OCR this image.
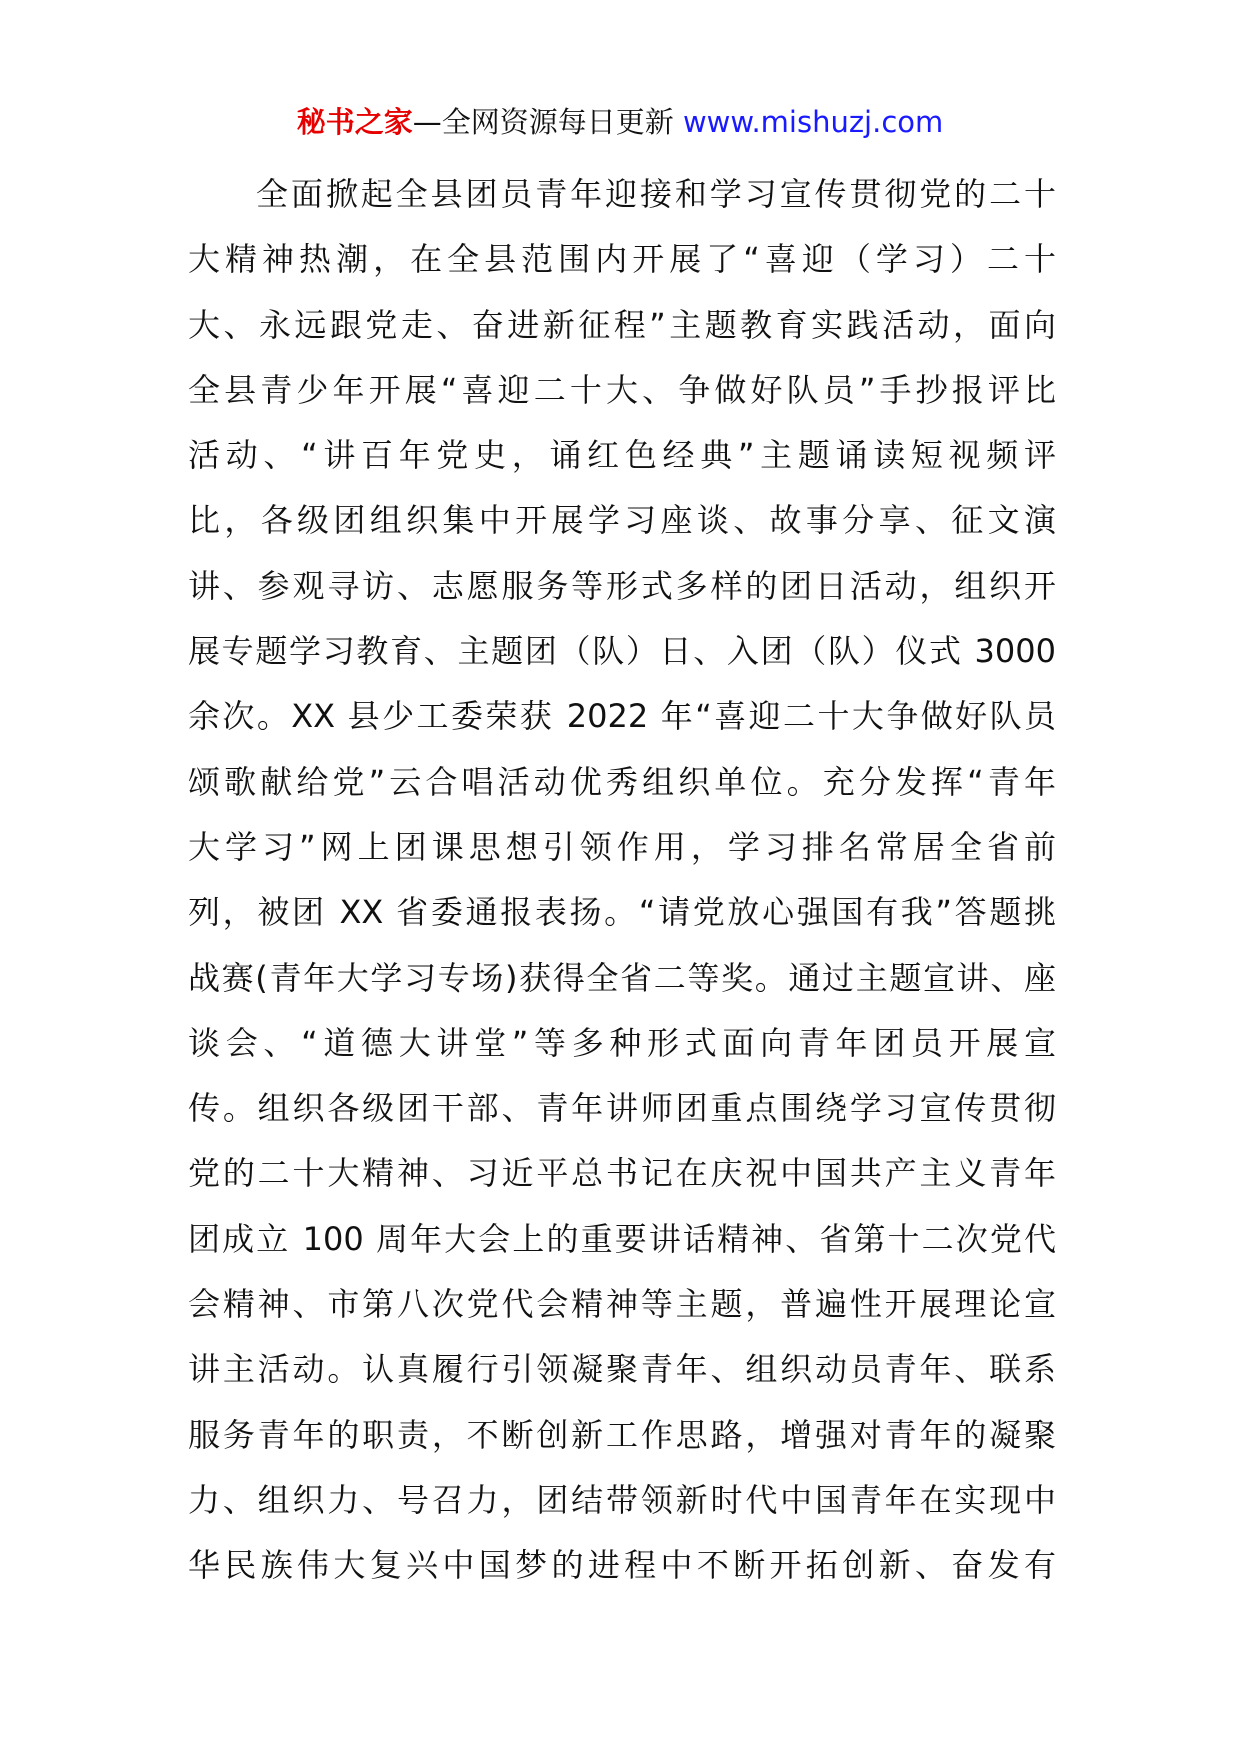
秘书之家—全网资源每日更新 www.mishuzj.com
全面掀起全县团员青年迎接和学习宣传贯彻党的二十
大精神热潮，在全县范围内开展了“喜迎（学习）二十
大、永远跟党走、奋进新征程”主题教育实践活动，面向
全县青少年开展“喜迎二十大、争做好队员”手抄报评比
活动、“讲百年党史，诵红色经典”主题诵读短视频评
比，各级团组织集中开展学习座谈、故事分享、征文演
讲、参观寻访、志愿服务等形式多样的团日活动，组织开
展专题学习教育、主题团（队）日、入团（队）仪式 3000
余次。XX 县少工委荣获 2022 年“喜迎二十大争做好队员
颂歌献给党”云合唱活动优秀组织单位。充分发挥“青年
大学习”网上团课思想引领作用，学习排名常居全省前
列，被团 XX 省委通报表扬。“请党放心强国有我”答题挑
战赛(青年大学习专场)获得全省二等奖。通过主题宣讲、座
谈会、“道德大讲堂”等多种形式面向青年团员开展宣
传。组织各级团干部、青年讲师团重点围绕学习宣传贯彻
党的二十大精神、习近平总书记在庆祝中国共产主义青年
团成立 100 周年大会上的重要讲话精神、省第十二次党代
会精神、市第八次党代会精神等主题，普遍性开展理论宣
讲主活动。认真履行引领凝聚青年、组织动员青年、联系
服务青年的职责，不断创新工作思路，增强对青年的凝聚
力、组织力、号召力，团结带领新时代中国青年在实现中
华民族伟大复兴中国梦的进程中不断开拓创新、奋发有
